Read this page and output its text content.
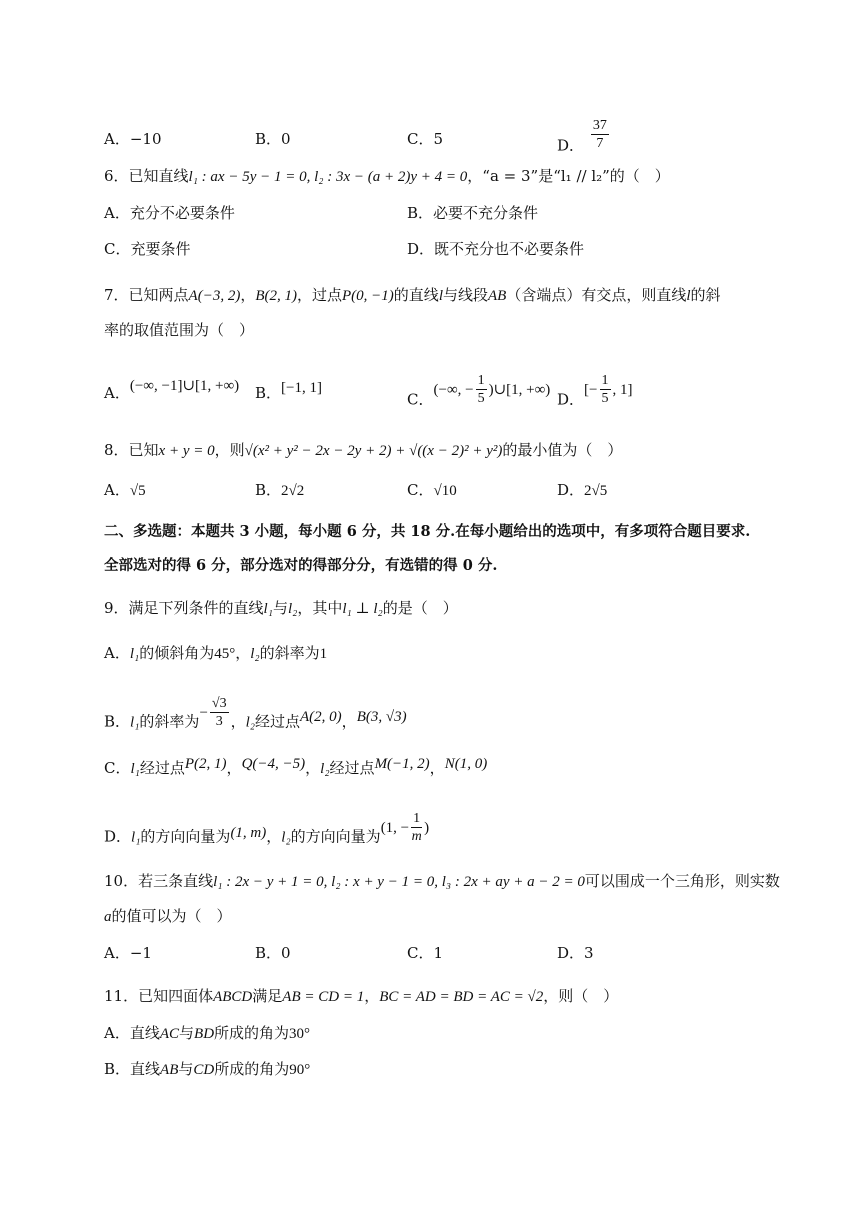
A．−10	B．0	C．5	D． $\frac{37}{7}$
6．已知直线l₁ : ax − 5y − 1 = 0, l₂ : 3x − (a + 2)y + 4 = 0，“a = 3”是“l₁ // l₂”的（　）
A．充分不必要条件	B．必要不充分条件
C．充要条件	D．既不充分也不必要条件
7．已知两点A(−3, 2)，B(2, 1)，过点P(0, −1)的直线l与线段AB（含端点）有交点，则直线l的斜
率的取值范围为（　）
A．(−∞, −1]∪[1, +∞) B．[−1, 1]
C．(−∞, − $\frac{1}{5}$ )∪[1, +∞)
D．[− $\frac{1}{5}$ , 1]
8．已知x + y = 0，则√(x² + y² − 2x − 2y + 2) + √((x − 2)² + y²)的最小值为（　）
A．√5	B．2√2	C．√10	D．2√5
二、多选题：本题共 3 小题，每小题 6 分，共 18 分.在每小题给出的选项中，有多项符合题目要求.
全部选对的得 6 分，部分选对的得部分分，有选错的得 0 分.
9．满足下列条件的直线l₁与l₂，其中l₁ ⊥ l₂的是（　）
A．l₁的倾斜角为45°，l₂的斜率为1
B．l₁的斜率为− $\frac{√3}{3}$ ，l₂经过点A(2, 0)，B(3, √3)
C．l₁经过点P(2, 1)，Q(−4, −5)，l₂经过点M(−1, 2)，N(1, 0)
D．l₁的方向向量为(1, m)，l₂的方向向量为(1, − $\frac{1}{m}$ )
10．若三条直线l₁ : 2x − y + 1 = 0, l₂ : x + y − 1 = 0, l₃ : 2x + ay + a − 2 = 0可以围成一个三角形，则实数
a的值可以为（　）
A．−1	B．0	C．1	D．3
11．已知四面体ABCD满足AB = CD = 1，BC = AD = BD = AC = √2，则（　）
A．直线AC与BD所成的角为30°
B．直线AB与CD所成的角为90°
